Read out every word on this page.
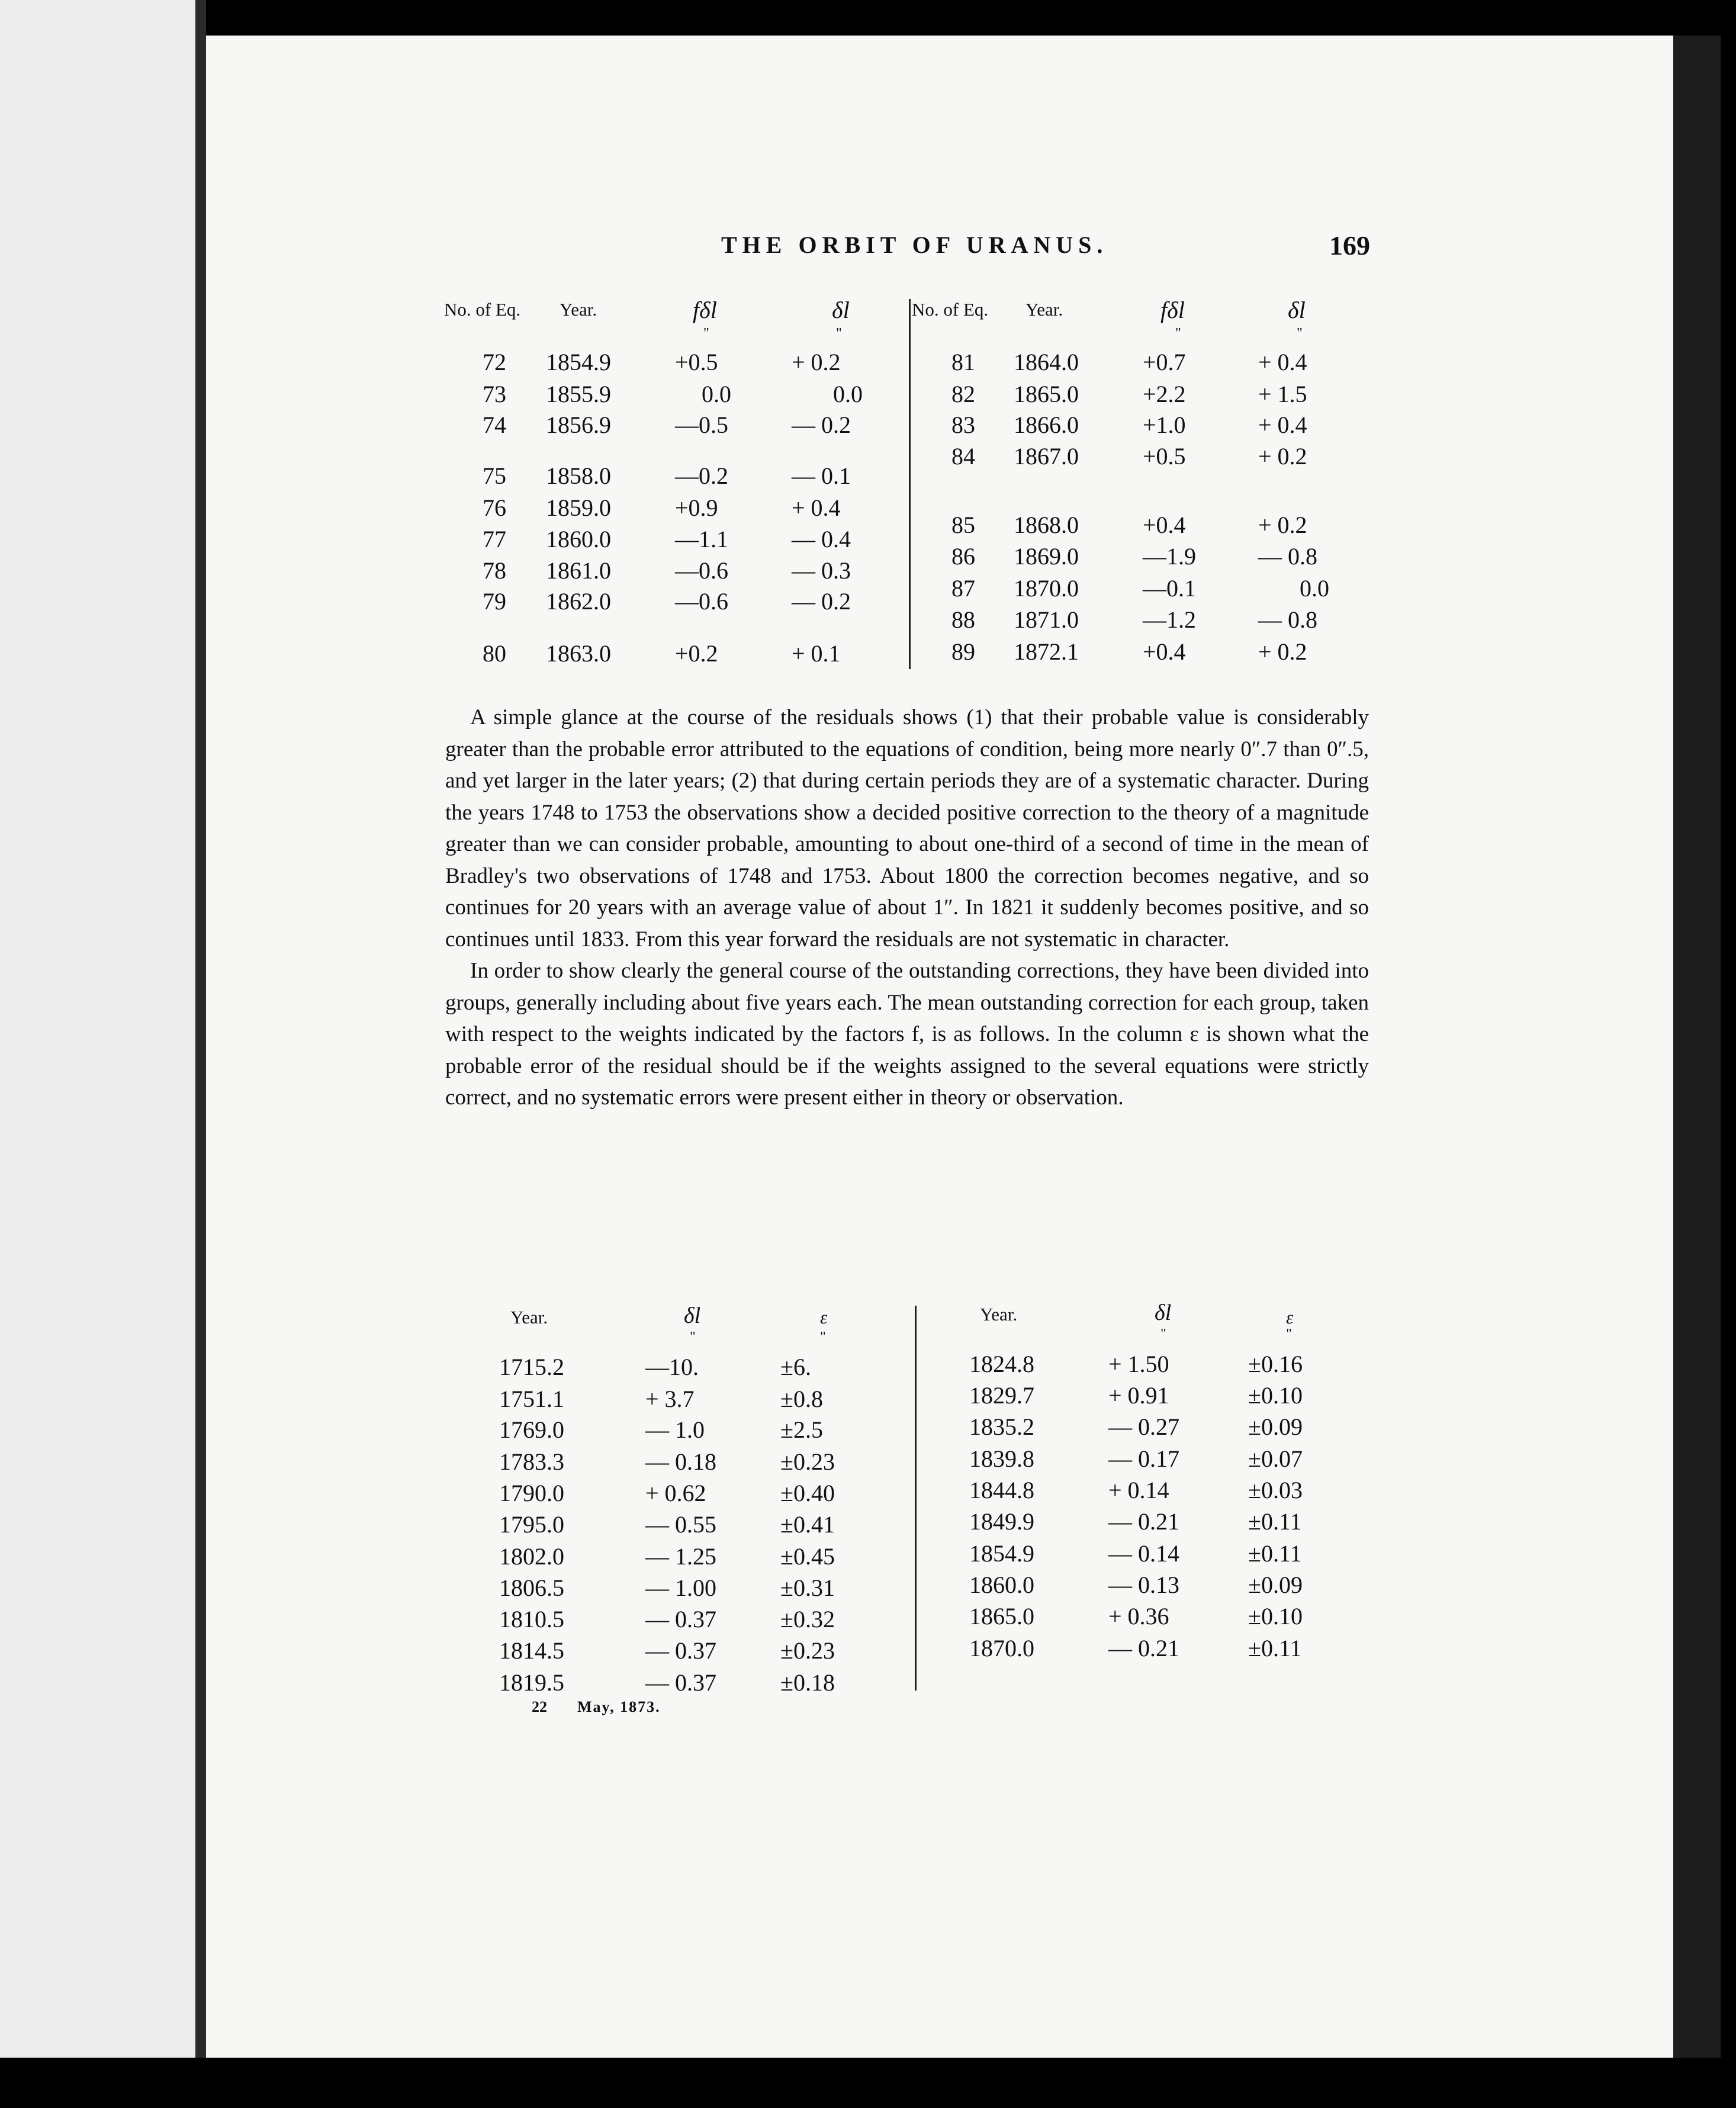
THE ORBIT OF URANUS.	169
No. of Eq. Year.	fδl	δl
"	"
No. of Eq. Year.	fδl	δl
"	"
72 1854.9	+0.5	+ 0.2
73 1855.9	0.0	0.0
74 1856.9	—0.5	— 0.2
75 1858.0	—0.2	— 0.1
76 1859.0	+0.9	+ 0.4
77 1860.0	—1.1	— 0.4
78 1861.0	—0.6	— 0.3
79 1862.0	—0.6	— 0.2
80 1863.0	+0.2	+ 0.1
81 1864.0	+0.7	+ 0.4
82 1865.0	+2.2	+ 1.5
83 1866.0	+1.0	+ 0.4
84 1867.0	+0.5	+ 0.2
85 1868.0	+0.4	+ 0.2
86 1869.0	—1.9	— 0.8
87 1870.0	—0.1	0.0
88 1871.0	—1.2	— 0.8
89 1872.1	+0.4	+ 0.2

A simple glance at the course of the residuals shows (1) that their probable value is considerably greater than the probable error attributed to the equations of condition, being more nearly 0″.7 than 0″.5, and yet larger in the later years; (2) that during certain periods they are of a systematic character. During the years 1748 to 1753 the observations show a decided positive correction to the theory of a magnitude greater than we can consider probable, amounting to about one-third of a second of time in the mean of Bradley's two observations of 1748 and 1753. About 1800 the correction becomes negative, and so continues for 20 years with an average value of about 1″. In 1821 it suddenly becomes positive, and so continues until 1833. From this year forward the residuals are not systematic in character.

In order to show clearly the general course of the outstanding corrections, they have been divided into groups, generally including about five years each. The mean outstanding correction for each group, taken with respect to the weights indicated by the factors f, is as follows. In the column ε is shown what the probable error of the residual should be if the weights assigned to the several equations were strictly correct, and no systematic errors were present either in theory or observation.

Year.	δl	ε
"	"
Year.	δl	ε
"	"
1715.2	—10.	±6.
1751.1	+ 3.7	±0.8
1769.0	— 1.0	±2.5
1783.3	— 0.18	±0.23
1790.0	+ 0.62	±0.40
1795.0	— 0.55	±0.41
1802.0	— 1.25	±0.45
1806.5	— 1.00	±0.31
1810.5	— 0.37	±0.32
1814.5	— 0.37	±0.23
1819.5	— 0.37	±0.18
1824.8	+ 1.50	±0.16
1829.7	+ 0.91	±0.10
1835.2	— 0.27	±0.09
1839.8	— 0.17	±0.07
1844.8	+ 0.14	±0.03
1849.9	— 0.21	±0.11
1854.9	— 0.14	±0.11
1860.0	— 0.13	±0.09
1865.0	+ 0.36	±0.10
1870.0	— 0.21	±0.11
22 May, 1873.
